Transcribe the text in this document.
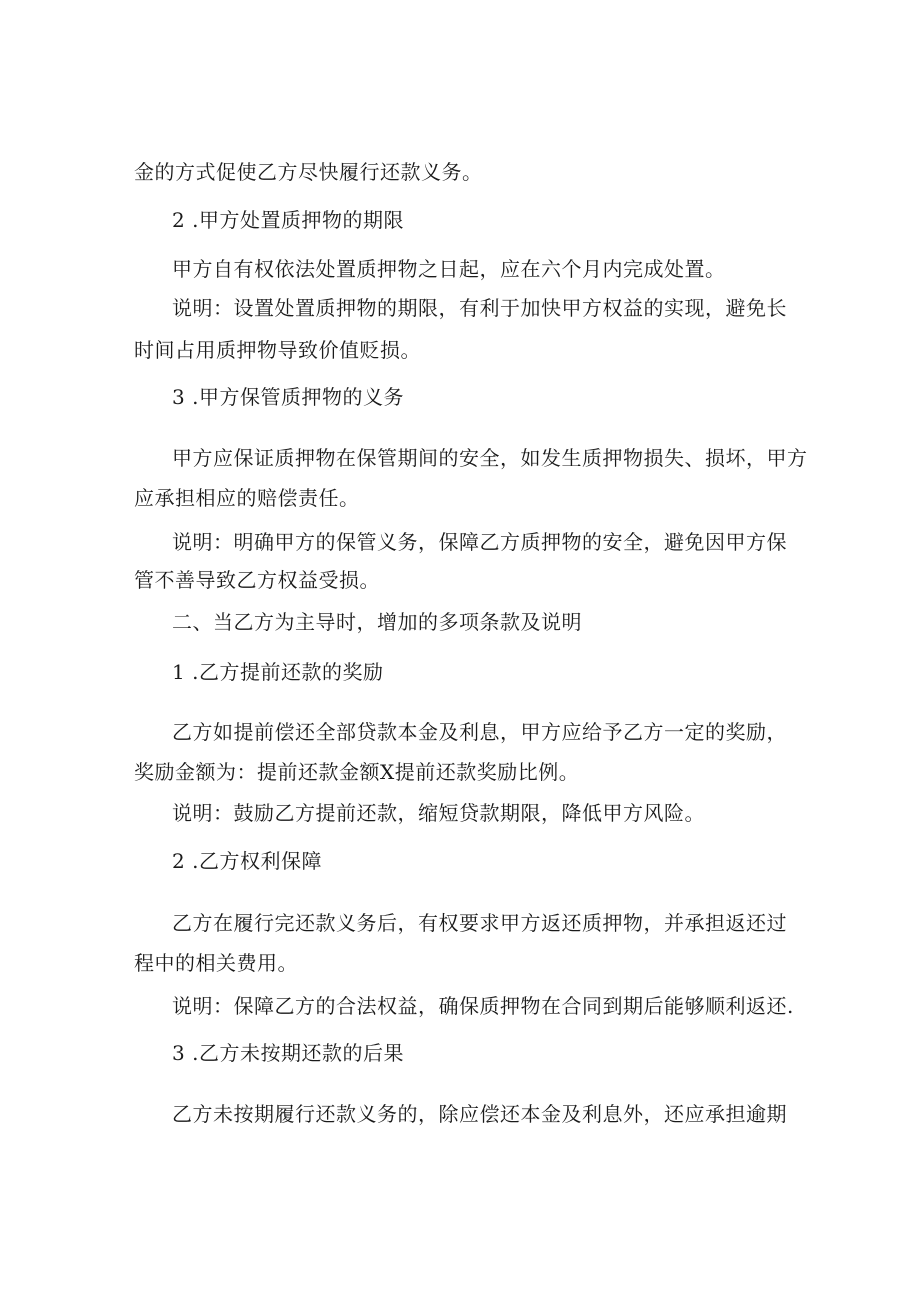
金的方式促使乙方尽快履行还款义务。
2 .甲方处置质押物的期限
甲方自有权依法处置质押物之日起，应在六个月内完成处置。
说明：设置处置质押物的期限，有利于加快甲方权益的实现，避免长
时间占用质押物导致价值贬损。
3 .甲方保管质押物的义务
甲方应保证质押物在保管期间的安全，如发生质押物损失、损坏，甲方
应承担相应的赔偿责任。
说明：明确甲方的保管义务，保障乙方质押物的安全，避免因甲方保
管不善导致乙方权益受损。
二、当乙方为主导时，增加的多项条款及说明
1 .乙方提前还款的奖励
乙方如提前偿还全部贷款本金及利息，甲方应给予乙方一定的奖励，
奖励金额为：提前还款金额X提前还款奖励比例。
说明：鼓励乙方提前还款，缩短贷款期限，降低甲方风险。
2 .乙方权利保障
乙方在履行完还款义务后，有权要求甲方返还质押物，并承担返还过
程中的相关费用。
说明：保障乙方的合法权益，确保质押物在合同到期后能够顺利返还.
3 .乙方未按期还款的后果
乙方未按期履行还款义务的，除应偿还本金及利息外，还应承担逾期
